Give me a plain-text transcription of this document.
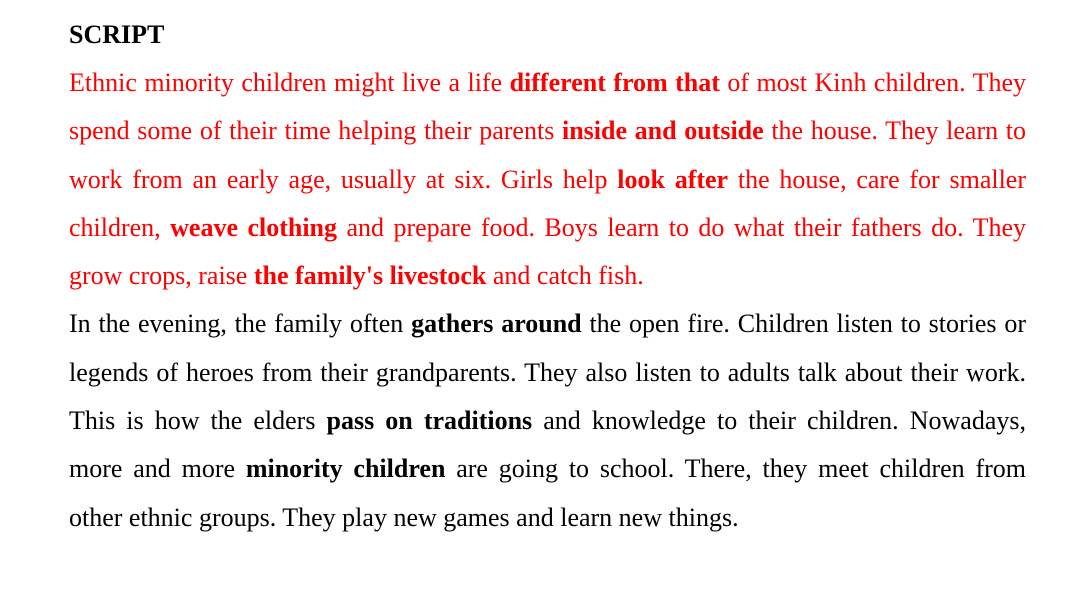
SCRIPT

Ethnic minority children might live a life different from that of most Kinh children. They spend some of their time helping their parents inside and outside the house. They learn to work from an early age, usually at six. Girls help look after the house, care for smaller children, weave clothing and prepare food. Boys learn to do what their fathers do. They grow crops, raise the family's livestock and catch fish.

In the evening, the family often gathers around the open fire. Children listen to stories or legends of heroes from their grandparents. They also listen to adults talk about their work. This is how the elders pass on traditions and knowledge to their children. Nowadays, more and more minority children are going to school. There, they meet children from other ethnic groups. They play new games and learn new things.
